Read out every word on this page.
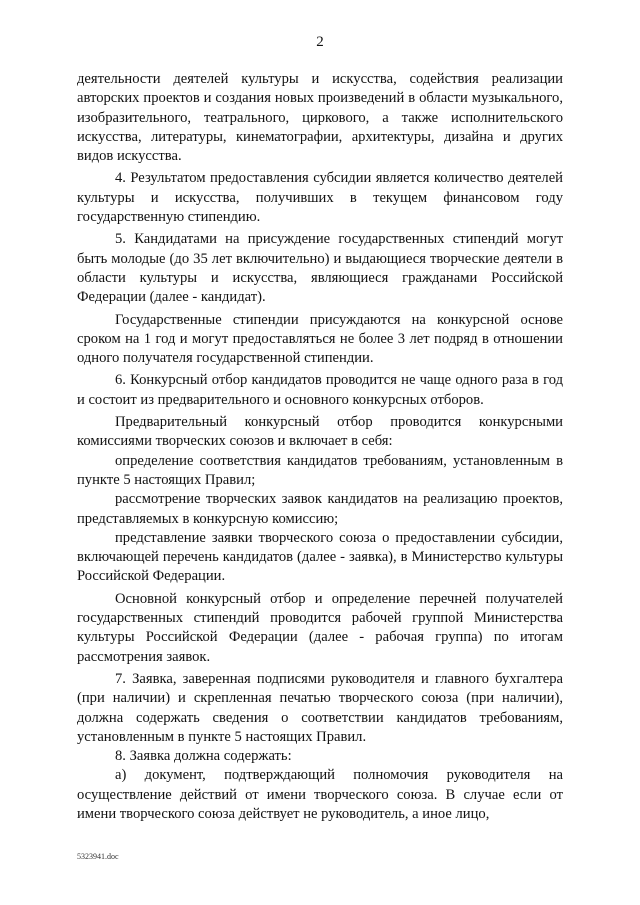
2

деятельности деятелей культуры и искусства, содействия реализации авторских проектов и создания новых произведений в области музыкального, изобразительного, театрального, циркового, а также исполнительского искусства, литературы, кинематографии, архитектуры, дизайна и других видов искусства.

4. Результатом предоставления субсидии является количество деятелей культуры и искусства, получивших в текущем финансовом году государственную стипендию.

5. Кандидатами на присуждение государственных стипендий могут быть молодые (до 35 лет включительно) и выдающиеся творческие деятели в области культуры и искусства, являющиеся гражданами Российской Федерации (далее - кандидат).

Государственные стипендии присуждаются на конкурсной основе сроком на 1 год и могут предоставляться не более 3 лет подряд в отношении одного получателя государственной стипендии.

6. Конкурсный отбор кандидатов проводится не чаще одного раза в год и состоит из предварительного и основного конкурсных отборов.

Предварительный конкурсный отбор проводится конкурсными комиссиями творческих союзов и включает в себя:

определение соответствия кандидатов требованиям, установленным в пункте 5 настоящих Правил;

рассмотрение творческих заявок кандидатов на реализацию проектов, представляемых в конкурсную комиссию;

представление заявки творческого союза о предоставлении субсидии, включающей перечень кандидатов (далее - заявка), в Министерство культуры Российской Федерации.

Основной конкурсный отбор и определение перечней получателей государственных стипендий проводится рабочей группой Министерства культуры Российской Федерации (далее - рабочая группа) по итогам рассмотрения заявок.

7. Заявка, заверенная подписями руководителя и главного бухгалтера (при наличии) и скрепленная печатью творческого союза (при наличии), должна содержать сведения о соответствии кандидатов требованиям, установленным в пункте 5 настоящих Правил.

8. Заявка должна содержать:

а) документ, подтверждающий полномочия руководителя на осуществление действий от имени творческого союза. В случае если от имени творческого союза действует не руководитель, а иное лицо,

5323941.doc
